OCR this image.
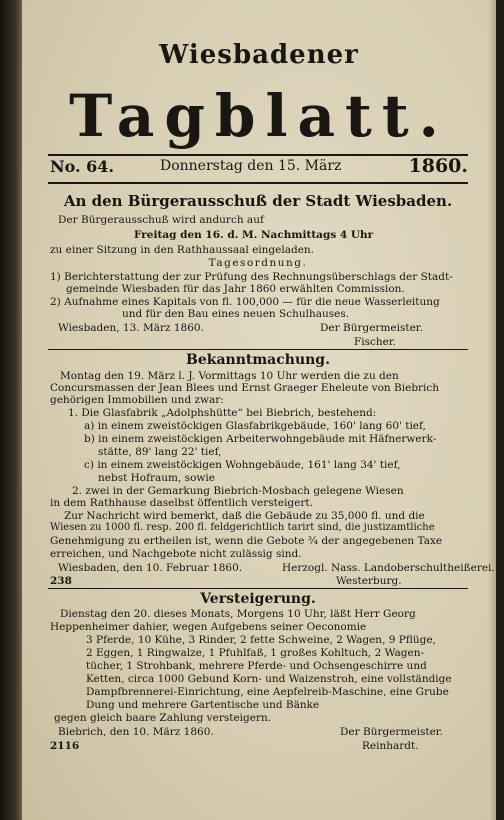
Wiesbadener
Tagblatt.
No. 64.	Donnerstag den 15. März	1860.
An den Bürgerausschuß der Stadt Wiesbaden.
Der Bürgerausschuß wird andurch auf
Freitag den 16. d. M. Nachmittags 4 Uhr
zu einer Sitzung in den Rathhaussaal eingeladen.
Tagesordnung.
1) Berichterstattung der zur Prüfung des Rechnungsüberschlags der Stadt-
gemeinde Wiesbaden für das Jahr 1860 erwählten Commission.
2) Aufnahme eines Kapitals von fl. 100,000 — für die neue Wasserleitung
und für den Bau eines neuen Schulhauses.
Wiesbaden, 13. März 1860.	Der Bürgermeister.
Fischer.
Bekanntmachung.
Montag den 19. März l. J. Vormittags 10 Uhr werden die zu den
Concursmassen der Jean Blees und Ernst Graeger Eheleute von Biebrich
gehörigen Immobilien und zwar:
1. Die Glasfabrik „Adolphshütte“ bei Biebrich, bestehend:
a) in einem zweistöckigen Glasfabrikgebäude, 160' lang 60' tief,
b) in einem zweistöckigen Arbeiterwohngebäude mit Häfnerwerk-
stätte, 89' lang 22' tief,
c) in einem zweistöckigen Wohngebäude, 161' lang 34' tief,
nebst Hofraum, sowie
2. zwei in der Gemarkung Biebrich-Mosbach gelegene Wiesen
in dem Rathhause daselbst öffentlich versteigert.
Zur Nachricht wird bemerkt, daß die Gebäude zu 35,000 fl. und die
Wiesen zu 1000 fl. resp. 200 fl. feldgerichtlich tarirt sind, die justizamtliche
Genehmigung zu ertheilen ist, wenn die Gebote ¾ der angegebenen Taxe
erreichen, und Nachgebote nicht zulässig sind.
Wiesbaden, den 10. Februar 1860.	Herzogl. Nass. Landoberschultheißerei.
238	Westerburg.
Versteigerung.
Dienstag den 20. dieses Monats, Morgens 10 Uhr, läßt Herr Georg
Heppenheimer dahier, wegen Aufgebens seiner Oeconomie
3 Pferde, 10 Kühe, 3 Rinder, 2 fette Schweine, 2 Wagen, 9 Pflüge,
2 Eggen, 1 Ringwalze, 1 Pfuhlfaß, 1 großes Kohltuch, 2 Wagen-
tücher, 1 Strohbank, mehrere Pferde- und Ochsengeschirre und
Ketten, circa 1000 Gebund Korn- und Waizenstroh, eine vollständige
Dampfbrennerei-Einrichtung, eine Aepfelreib-Maschine, eine Grube
Dung und mehrere Gartentische und Bänke
gegen gleich baare Zahlung versteigern.
Biebrich, den 10. März 1860.	Der Bürgermeister.
2116	Reinhardt.
